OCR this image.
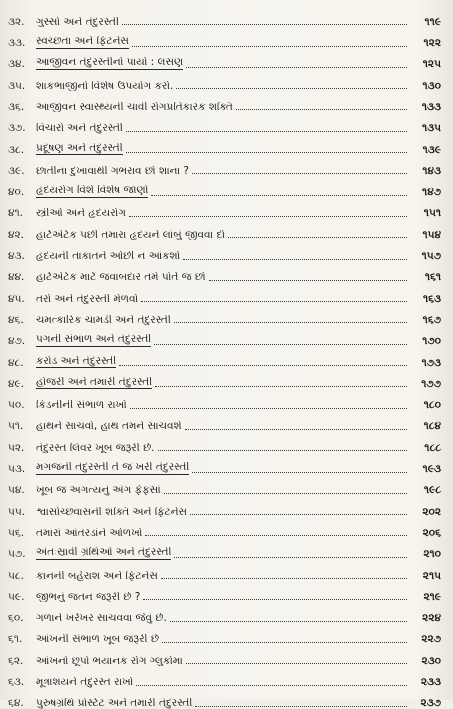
૩૨.	ગુસ્સો અને તંદુરસ્તી	૧૧૯
૩૩.	સ્વચ્છતા અને ફિટનેસ	૧૨૨
૩૪.	આજીવન તંદુરસ્તીનો પાયો : લસણ	૧૨૫
૩૫.	શાકભાજીનો વિશેષ ઉપયોગ કરો.	૧૩૦
૩૬.	આજીવન સ્વાસ્થ્યની ચાવી રોગપ્રતિકારક શક્તિ	૧૩૩
૩૭. વિચારો અને તંદુરસ્તી	૧૩૫
૩૮.	પ્રદૂષણ અને તંદુરસ્તી	૧૩૯
૩૯.	છાતીના દુખાવાથી ગભરાવ છો શાના ?	૧૪૩
૪૦.	હૃદયરોગ વિશે વિશેષ જાણો	૧૪૭
૪૧.	સ્ત્રીઓ અને હૃદયરોગ	૧૫૧
૪૨.	હાર્ટએટેક પછી તમારા હૃદયને લાંબું જીવવા દો	૧૫૪
૪૩.	હૃદયની તાકાતને ઓછી ન આંકશો	૧૫૭
૪૪.	હાર્ટએટેક માટે જવાબદાર તમે પોતે જ છો	૧૬૧
૪૫.	તરો અને તંદુરસ્તી મેળવો	૧૬૩
૪૬.	ચમત્કારિક ચામડી અને તંદુરસ્તી	૧૬૭
૪૭.	પગની સંભાળ અને તંદુરસ્તી	૧૭૦
૪૮.	કરોડ અને તંદુરસ્તી	૧૭૩
૪૯.	હોજરી અને તમારી તંદુરસ્તી	૧૭૭
૫૦.	કિડનીની સંભાળ રાખો	૧૮૦
૫૧.	હાથને સાચવો, હાથ તમને સાચવશે	૧૮૪
૫૨.	તંદુરસ્ત લિવર ખૂબ જરૂરી છે.	૧૮૮
૫૩.	મગજની તંદુરસ્તી તે જ ખરી તંદુરસ્તી	૧૯૩
૫૪.	ખૂબ જ અગત્યનું અંગ ફેફસાં	૧૯૮
૫૫.	શ્વાસોચ્છ્વાસની શક્તિ અને ફિટનેસ	૨૦૨
૫૬.	તમારાં આંતરડાંને ઓળખો	૨૦૬
૫૭. અંતઃસ્રાવી ગ્રંથિઓ અને તંદુરસ્તી	૨૧૦
૫૮.	કાનની બહેરાશ અને ફિટનેસ	૨૧૫
૫૯.	જીભનું જતન જરૂરી છે ?	૨૧૯
૬૦.	ગળાને ખરેખર સાચવવા જેવું છે.	૨૨૪
૬૧.	આંખની સંભાળ ખૂબ જરૂરી છે	૨૨૭
૬૨.	આંખનો છૂપો ભયાનક રોગ ગ્લુકોમા	૨૩૦
૬૩.	મૂત્રાશયને તંદુરસ્ત રાખો	૨૩૩
૬૪.	પુરુષગ્રંથિ પ્રોસ્ટેટ અને તમારી તંદુરસ્તી	૨૩૭
